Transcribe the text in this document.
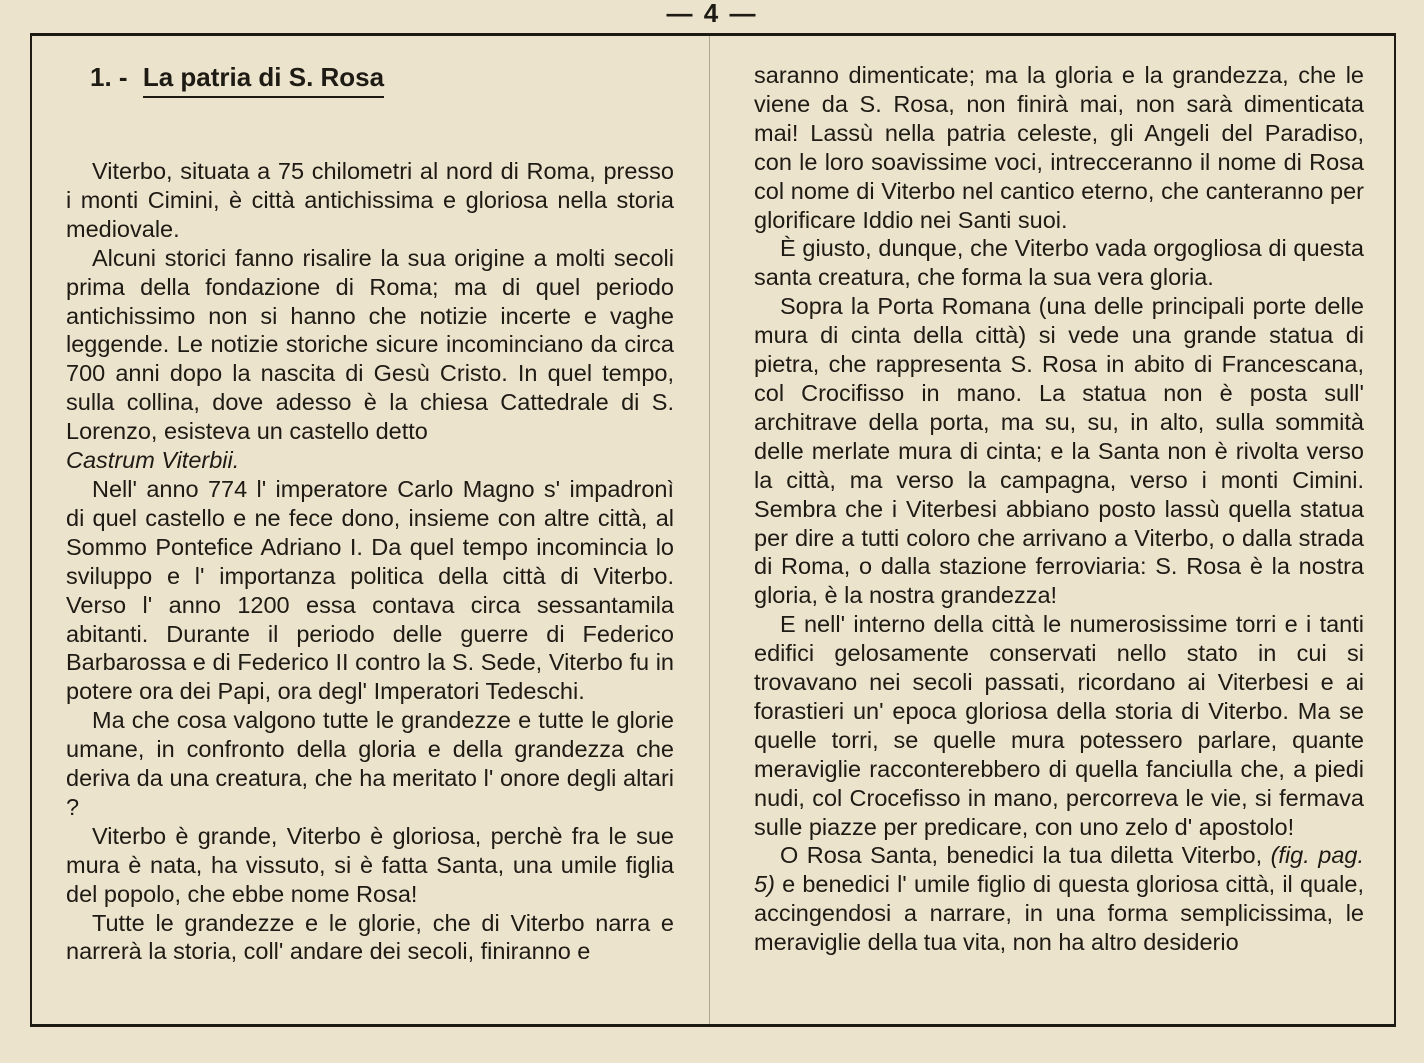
— 4 —
1. - La patria di S. Rosa

Viterbo, situata a 75 chilometri al nord di Roma, presso i monti Cimini, è città antichissima e gloriosa nella storia mediovale.

Alcuni storici fanno risalire la sua origine a molti secoli prima della fondazione di Roma; ma di quel periodo antichissimo non si hanno che notizie incerte e vaghe leggende. Le notizie storiche sicure incominciano da circa 700 anni dopo la nascita di Gesù Cristo. In quel tempo, sulla collina, dove adesso è la chiesa Cattedrale di S. Lorenzo, esisteva un castello detto
Castrum Viterbii.

Nell' anno 774 l' imperatore Carlo Magno s' impadronì di quel castello e ne fece dono, insieme con altre città, al Sommo Pontefice Adriano I. Da quel tempo incomincia lo sviluppo e l' importanza politica della città di Viterbo. Verso l' anno 1200 essa contava circa sessantamila abitanti. Durante il periodo delle guerre di Federico Barbarossa e di Federico II contro la S. Sede, Viterbo fu in potere ora dei Papi, ora degl' Imperatori Tedeschi.

Ma che cosa valgono tutte le grandezze e tutte le glorie umane, in confronto della gloria e della grandezza che deriva da una creatura, che ha meritato l' onore degli altari ?

Viterbo è grande, Viterbo è gloriosa, perchè fra le sue mura è nata, ha vissuto, si è fatta Santa, una umile figlia del popolo, che ebbe nome Rosa!

Tutte le grandezze e le glorie, che di Viterbo narra e narrerà la storia, coll' andare dei secoli, finiranno e

saranno dimenticate; ma la gloria e la grandezza, che le viene da S. Rosa, non finirà mai, non sarà dimenticata mai! Lassù nella patria celeste, gli Angeli del Paradiso, con le loro soavissime voci, intrecceranno il nome di Rosa col nome di Viterbo nel cantico eterno, che canteranno per glorificare Iddio nei Santi suoi.

È giusto, dunque, che Viterbo vada orgogliosa di questa santa creatura, che forma la sua vera gloria.

Sopra la Porta Romana (una delle principali porte delle mura di cinta della città) si vede una grande statua di pietra, che rappresenta S. Rosa in abito di Francescana, col Crocifisso in mano. La statua non è posta sull' architrave della porta, ma su, su, in alto, sulla sommità delle merlate mura di cinta; e la Santa non è rivolta verso la città, ma verso la campagna, verso i monti Cimini. Sembra che i Viterbesi abbiano posto lassù quella statua per dire a tutti coloro che arrivano a Viterbo, o dalla strada di Roma, o dalla stazione ferroviaria: S. Rosa è la nostra gloria, è la nostra grandezza!

E nell' interno della città le numerosissime torri e i tanti edifici gelosamente conservati nello stato in cui si trovavano nei secoli passati, ricordano ai Viterbesi e ai forastieri un' epoca gloriosa della storia di Viterbo. Ma se quelle torri, se quelle mura potessero parlare, quante meraviglie racconterebbero di quella fanciulla che, a piedi nudi, col Crocefisso in mano, percorreva le vie, si fermava sulle piazze per predicare, con uno zelo d' apostolo!

O Rosa Santa, benedici la tua diletta Viterbo, (fig. pag. 5) e benedici l' umile figlio di questa gloriosa città, il quale, accingendosi a narrare, in una forma semplicissima, le meraviglie della tua vita, non ha altro desiderio
